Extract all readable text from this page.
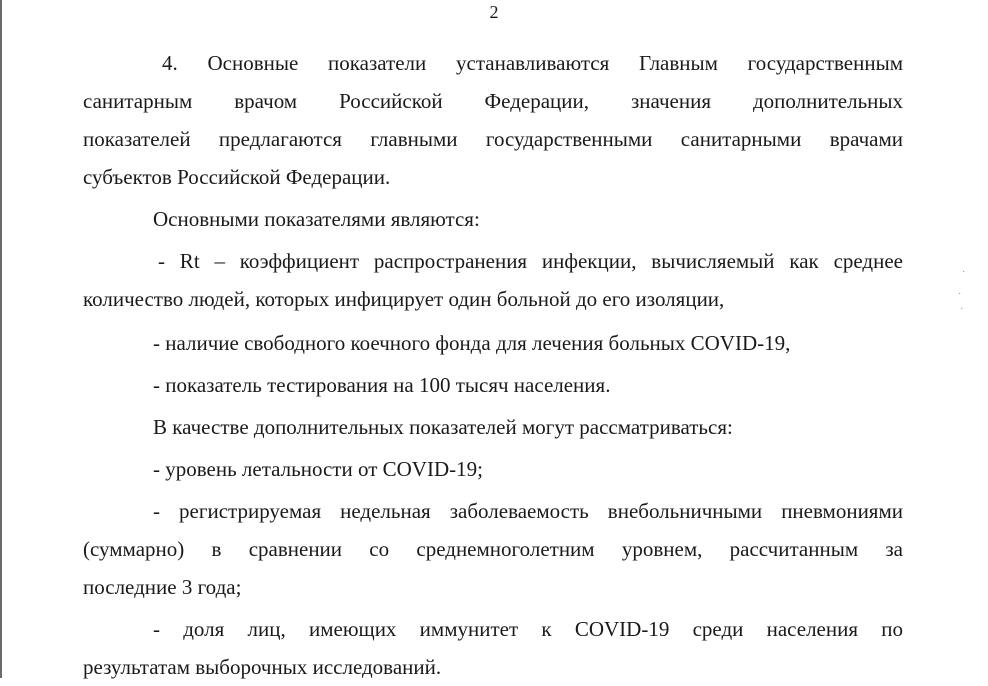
2
4. Основные показатели устанавливаются Главным государственным
санитарным врачом Российской Федерации, значения дополнительных
показателей предлагаются главными государственными санитарными врачами
субъектов Российской Федерации.
Основными показателями являются:
- Rt – коэффициент распространения инфекции, вычисляемый как среднее
количество людей, которых инфицирует один больной до его изоляции,
- наличие свободного коечного фонда для лечения больных COVID-19,
- показатель тестирования на 100 тысяч населения.
В качестве дополнительных показателей могут рассматриваться:
- уровень летальности от COVID-19;
- регистрируемая недельная заболеваемость внебольничными пневмониями
(суммарно) в сравнении со среднемноголетним уровнем, рассчитанным за
последние 3 года;
- доля лиц, имеющих иммунитет к COVID-19 среди населения по
результатам выборочных исследований.
·
·
·
